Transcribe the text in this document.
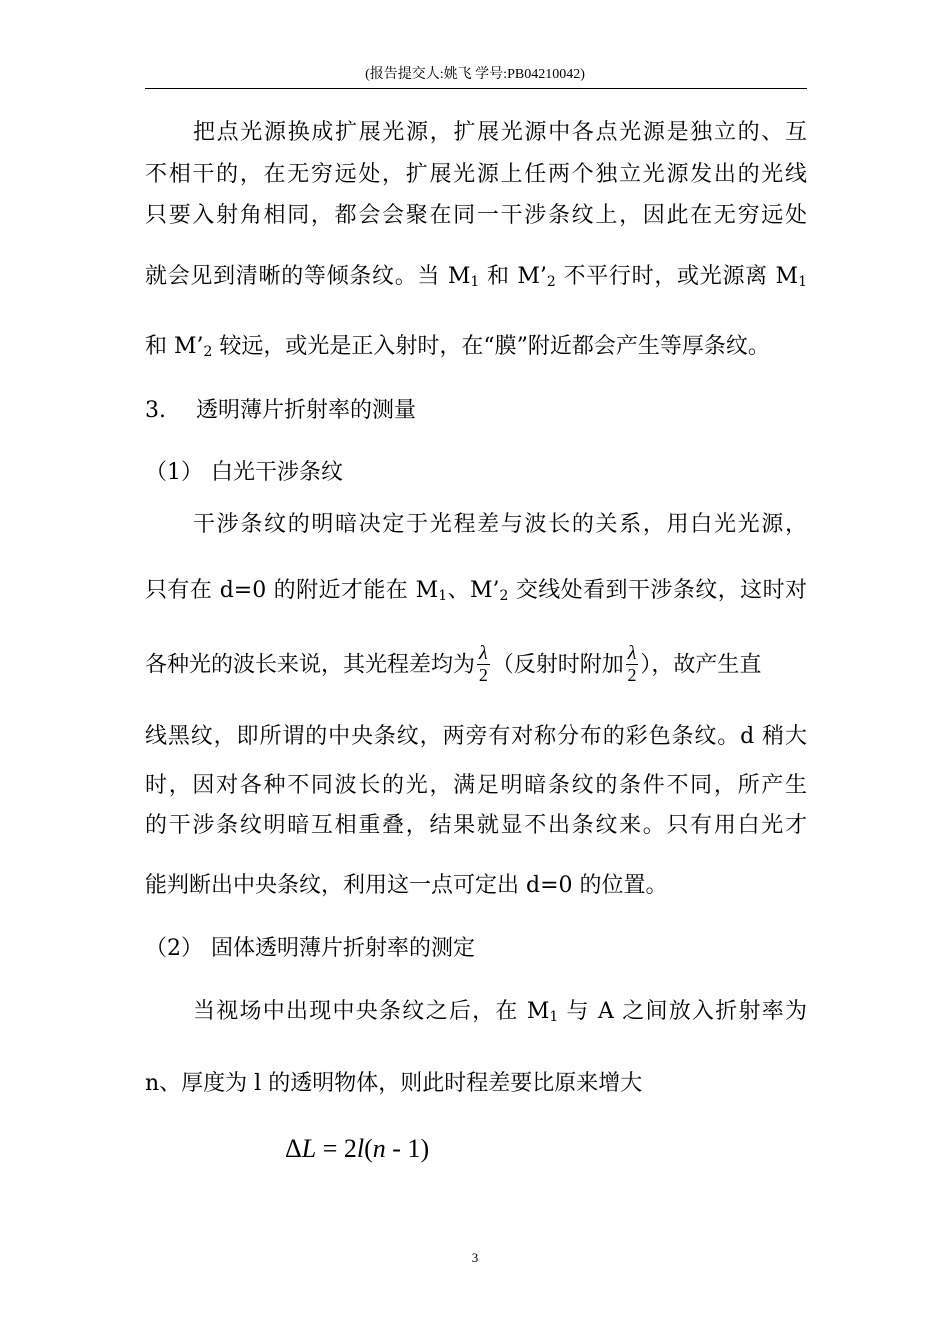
(报告提交人:姚飞 学号:PB04210042)
把点光源换成扩展光源，扩展光源中各点光源是独立的、互
不相干的，在无穷远处，扩展光源上任两个独立光源发出的光线
只要入射角相同，都会会聚在同一干涉条纹上，因此在无穷远处
就会见到清晰的等倾条纹。当 $M_1$ 和 $M’_2$ 不平行时，或光源离 $M_1$
和 $M’_2$ 较远，或光是正入射时，在“膜”附近都会产生等厚条纹。
3. 透明薄片折射率的测量
（1） 白光干涉条纹
干涉条纹的明暗决定于光程差与波长的关系，用白光光源，
只有在 d=0 的附近才能在 $M_1$、$M’_2$ 交线处看到干涉条纹，这时对
各种光的波长来说，其光程差均为 $\frac{\lambda}{2}$ （反射时附加 $\frac{\lambda}{2}$ ），故产生直
线黑纹，即所谓的中央条纹，两旁有对称分布的彩色条纹。d 稍大
时，因对各种不同波长的光，满足明暗条纹的条件不同，所产生
的干涉条纹明暗互相重叠，结果就显不出条纹来。只有用白光才
能判断出中央条纹，利用这一点可定出 d=0 的位置。
（2） 固体透明薄片折射率的测定
当视场中出现中央条纹之后，在 $M_1$ 与 A 之间放入折射率为
n、厚度为 l 的透明物体，则此时程差要比原来增大
ΔL = 2l(n - 1)
3
